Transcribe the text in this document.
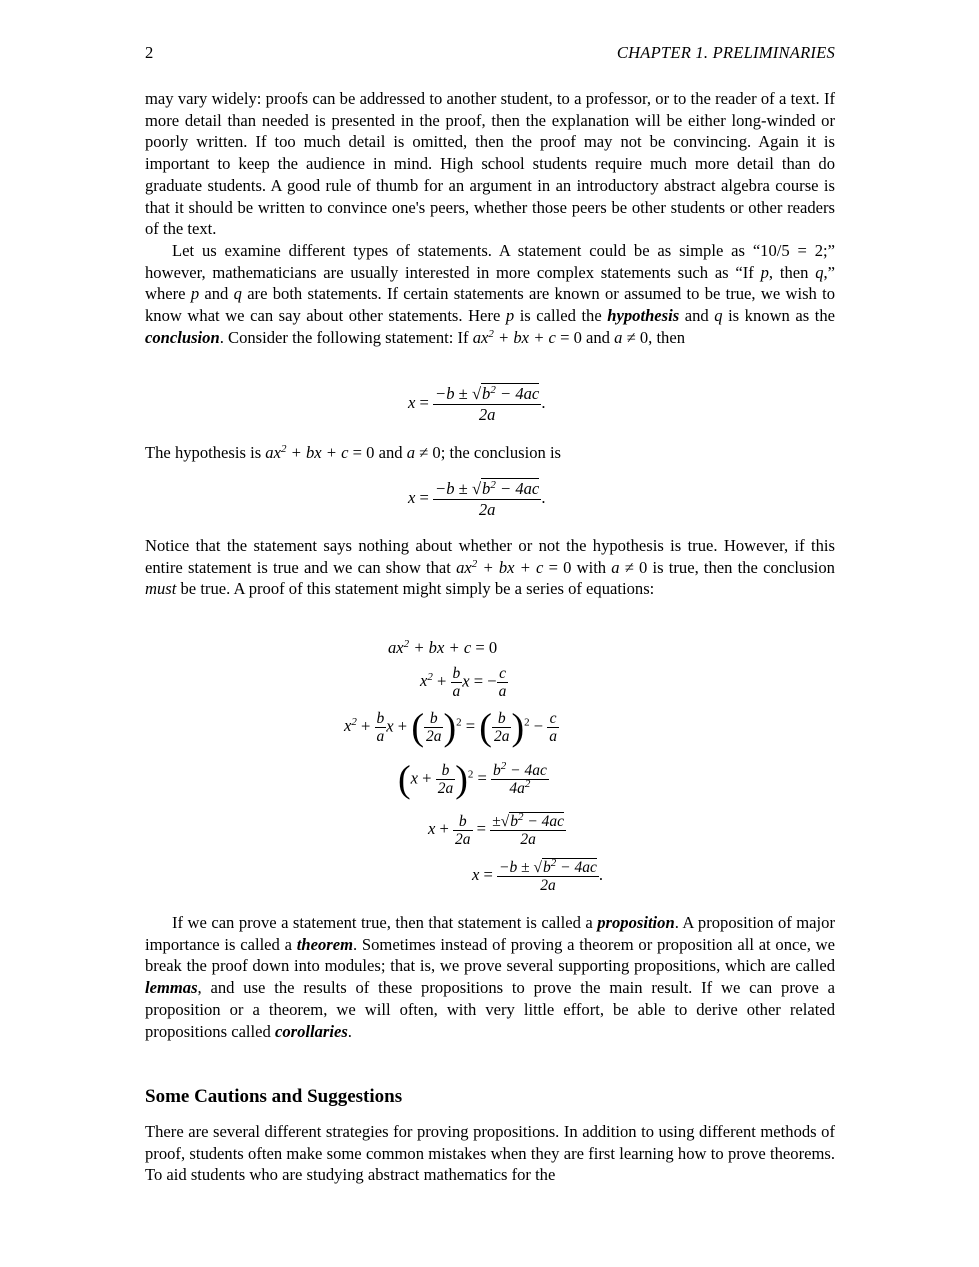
2	CHAPTER 1. PRELIMINARIES

may vary widely: proofs can be addressed to another student, to a professor, or to the reader of a text. If more detail than needed is presented in the proof, then the explanation will be either long-winded or poorly written. If too much detail is omitted, then the proof may not be convincing. Again it is important to keep the audience in mind. High school students require much more detail than do graduate students. A good rule of thumb for an argument in an introductory abstract algebra course is that it should be written to convince one's peers, whether those peers be other students or other readers of the text.

Let us examine different types of statements. A statement could be as simple as “10/5 = 2;” however, mathematicians are usually interested in more complex statements such as “If p, then q,” where p and q are both statements. If certain statements are known or assumed to be true, we wish to know what we can say about other statements. Here p is called the hypothesis and q is known as the conclusion. Consider the following statement: If $ax^2$ + bx + c = 0 and a ≠ 0, then

$x = \frac{-b \pm √b^2 - 4ac}{2a}$ .

The hypothesis is $ax^2$ + bx + c = 0 and a ≠ 0; the conclusion is

$x = \frac{-b \pm √b^2 - 4ac}{2a}$ .

Notice that the statement says nothing about whether or not the hypothesis is true. However, if this entire statement is true and we can show that $ax^2$ + bx + c = 0 with a ≠ 0 is true, then the conclusion must be true. A proof of this statement might simply be a series of equations:

$ax^2$ + bx + c = 0
$x^2 + \frac{b}{a}$ x = − $\frac{c}{a}$
$x^2 + \frac{b}{a}$ x + ( $\frac{b}{2a} )^2$ = ( $\frac{b}{2a} )^2 - \frac{c}{a}$
$(x + \frac{b}{2a} )^2 = \frac{b^2 - 4ac}{4a^2}$
$x + \frac{b}{2a} = \frac{\pm√b^2 - 4ac}{2a}$
$x = \frac{-b \pm √b^2 - 4ac}{2a}$ .

If we can prove a statement true, then that statement is called a proposition. A proposition of major importance is called a theorem. Sometimes instead of proving a theorem or proposition all at once, we break the proof down into modules; that is, we prove several supporting propositions, which are called lemmas, and use the results of these propositions to prove the main result. If we can prove a proposition or a theorem, we will often, with very little effort, be able to derive other related propositions called corollaries.

Some Cautions and Suggestions

There are several different strategies for proving propositions. In addition to using different methods of proof, students often make some common mistakes when they are first learning how to prove theorems. To aid students who are studying abstract mathematics for the
